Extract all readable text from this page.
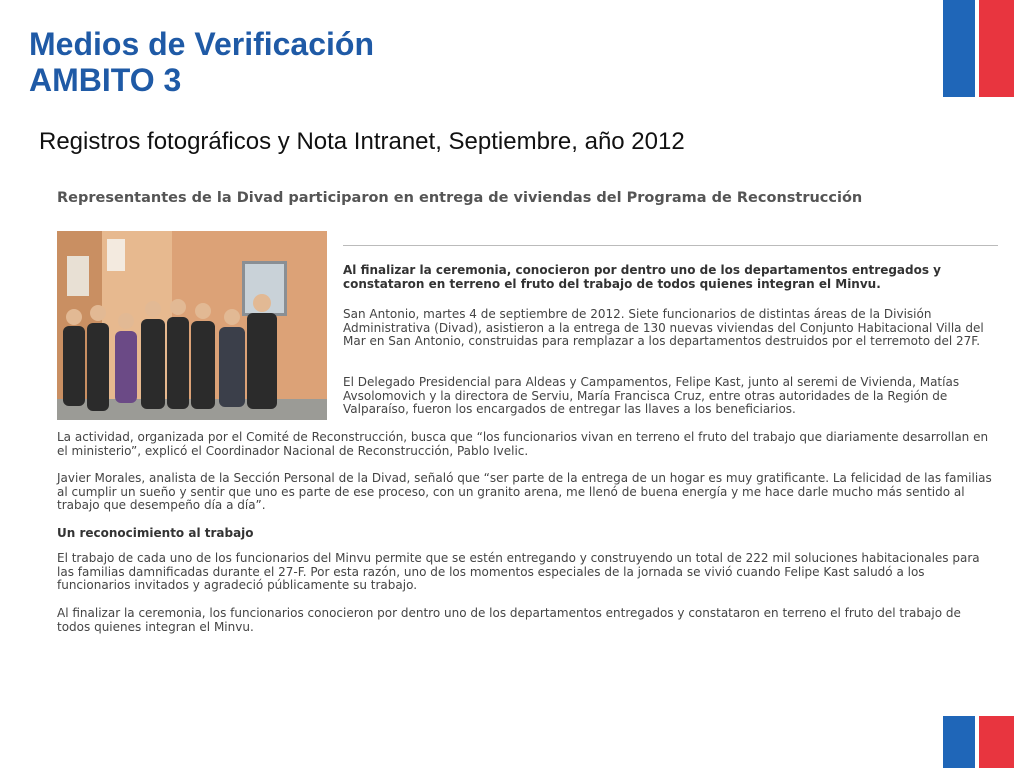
Medios de Verificación
AMBITO 3
Registros fotográficos y Nota Intranet, Septiembre, año 2012
Representantes de la Divad participaron en entrega de viviendas del Programa de Reconstrucción
Al finalizar la ceremonia, conocieron por dentro uno de los departamentos entregados y constataron en terreno el fruto del trabajo de todos quienes integran el Minvu.
San Antonio, martes 4 de septiembre de 2012. Siete funcionarios de distintas áreas de la División Administrativa (Divad), asistieron a la entrega de 130 nuevas viviendas del Conjunto Habitacional Villa del Mar en San Antonio, construidas para remplazar a los departamentos destruidos por el terremoto del 27F.
El Delegado Presidencial para Aldeas y Campamentos, Felipe Kast, junto al seremi de Vivienda, Matías Avsolomovich y la directora de Serviu, María Francisca Cruz, entre otras autoridades de la Región de Valparaíso, fueron los encargados de entregar las llaves a los beneficiarios.
La actividad, organizada por el Comité de Reconstrucción, busca que “los funcionarios vivan en terreno el fruto del trabajo que diariamente desarrollan en el ministerio”, explicó el Coordinador Nacional de Reconstrucción, Pablo Ivelic.
Javier Morales, analista de la Sección Personal de la Divad, señaló que “ser parte de la entrega de un hogar es muy gratificante. La felicidad de las familias al cumplir un sueño y sentir que uno es parte de ese proceso, con un granito arena, me llenó de buena energía y me hace darle mucho más sentido al trabajo que desempeño día a día”.
Un reconocimiento al trabajo
El trabajo de cada uno de los funcionarios del Minvu permite que se estén entregando y construyendo un total de 222 mil soluciones habitacionales para las familias damnificadas durante el 27-F. Por esta razón, uno de los momentos especiales de la jornada se vivió cuando Felipe Kast saludó a los funcionarios invitados y agradeció públicamente su trabajo.
Al finalizar la ceremonia, los funcionarios conocieron por dentro uno de los departamentos entregados y constataron en terreno el fruto del trabajo de todos quienes integran el Minvu.
